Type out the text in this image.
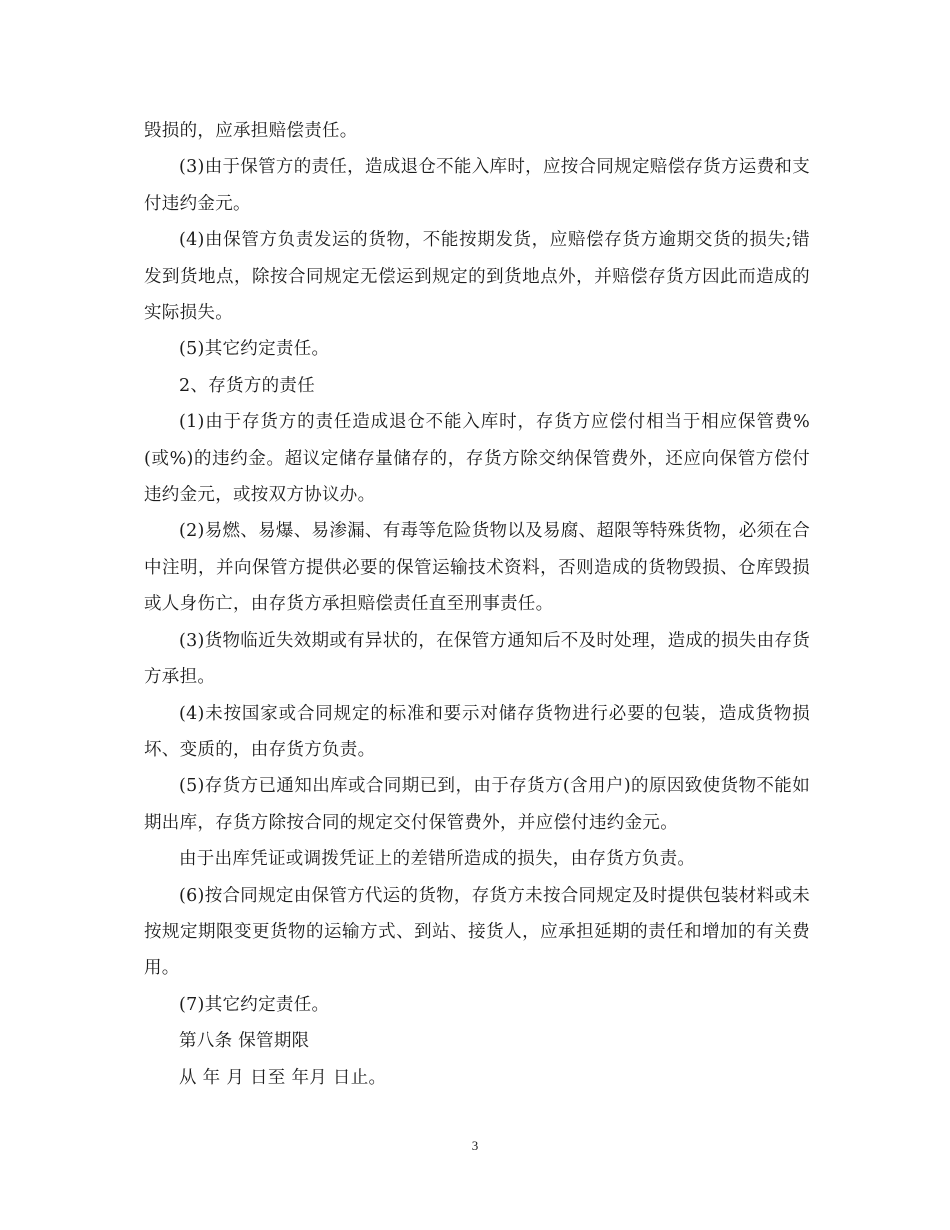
毁损的，应承担赔偿责任。

(3)由于保管方的责任，造成退仓不能入库时，应按合同规定赔偿存货方运费和支付违约金元。

(4)由保管方负责发运的货物，不能按期发货，应赔偿存货方逾期交货的损失;错发到货地点，除按合同规定无偿运到规定的到货地点外，并赔偿存货方因此而造成的实际损失。

(5)其它约定责任。

2、存货方的责任

(1)由于存货方的责任造成退仓不能入库时，存货方应偿付相当于相应保管费%(或%)的违约金。超议定储存量储存的，存货方除交纳保管费外，还应向保管方偿付违约金元，或按双方协议办。

(2)易燃、易爆、易渗漏、有毒等危险货物以及易腐、超限等特殊货物，必须在合中注明，并向保管方提供必要的保管运输技术资料，否则造成的货物毁损、仓库毁损或人身伤亡，由存货方承担赔偿责任直至刑事责任。

(3)货物临近失效期或有异状的，在保管方通知后不及时处理，造成的损失由存货方承担。

(4)未按国家或合同规定的标准和要示对储存货物进行必要的包装，造成货物损坏、变质的，由存货方负责。

(5)存货方已通知出库或合同期已到，由于存货方(含用户)的原因致使货物不能如期出库，存货方除按合同的规定交付保管费外，并应偿付违约金元。

由于出库凭证或调拨凭证上的差错所造成的损失，由存货方负责。

(6)按合同规定由保管方代运的货物，存货方未按合同规定及时提供包装材料或未按规定期限变更货物的运输方式、到站、接货人，应承担延期的责任和增加的有关费用。

(7)其它约定责任。

第八条 保管期限

从 年 月 日至 年月 日止。

3
